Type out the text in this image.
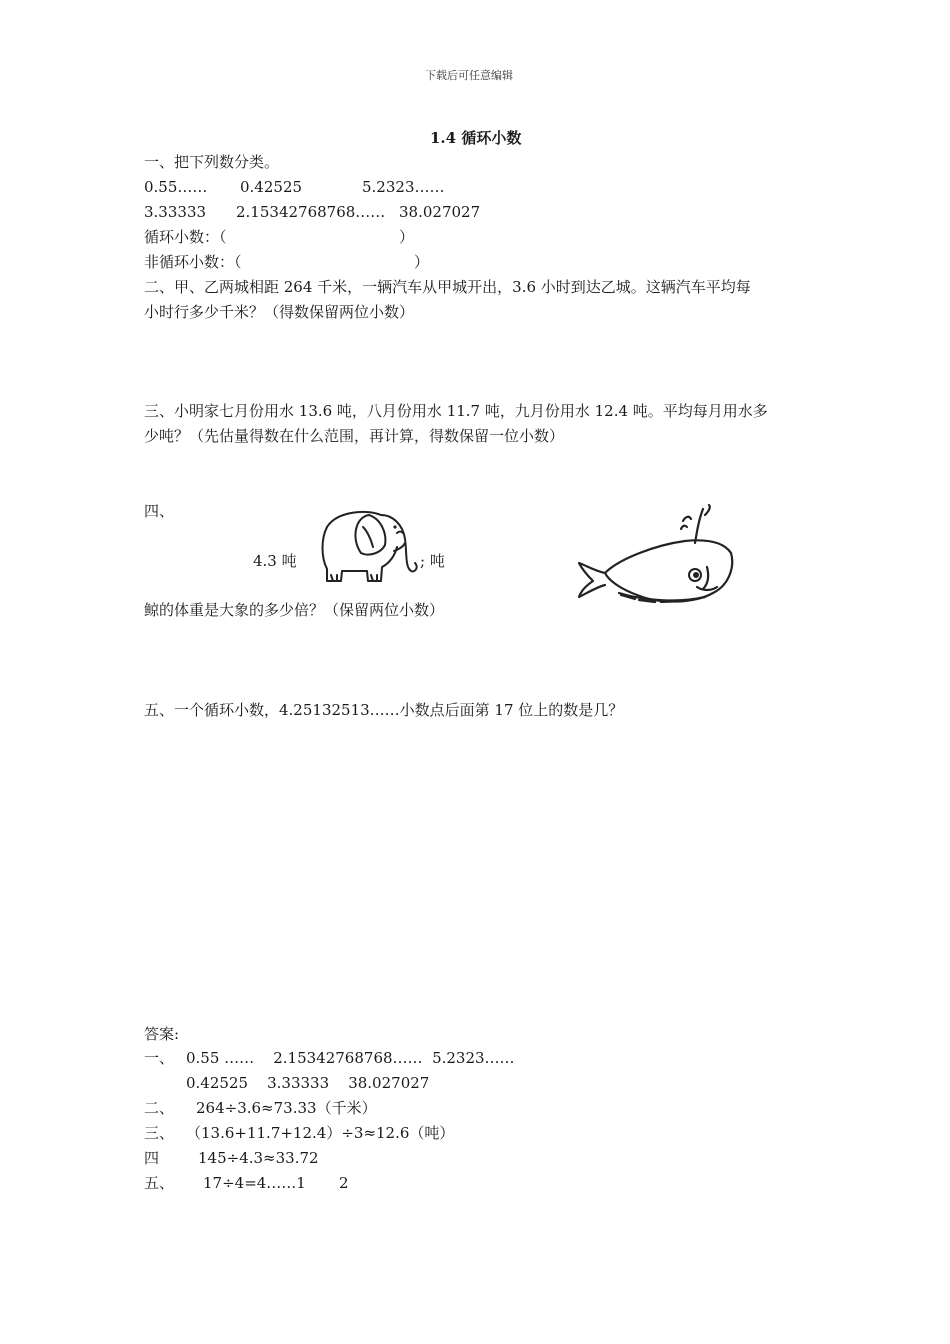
下载后可任意编辑
1.4 循环小数
一、把下列数分类。
0.55…… 0.42525	5.2323……
3.33333 2.15342768768…… 38.027027
循环小数：（	）
非循环小数：（	）
二、甲、乙两城相距 264 千米，一辆汽车从甲城开出，3.6 小时到达乙城。这辆汽车平均每
小时行多少千米？（得数保留两位小数）
三、小明家七月份用水 13.6 吨，八月份用水 11.7 吨，九月份用水 12.4 吨。平均每月用水多
少吨？（先估量得数在什么范围，再计算，得数保留一位小数）
四、
4.3 吨	; 吨
鲸的体重是大象的多少倍？（保留两位小数）
五、一个循环小数，4.25132513……小数点后面第 17 位上的数是几？
答案:
一、 0.55 ……    2.15342768768……  5.2323……
0.42525    3.33333    38.027027
二、 264÷3.6≈73.33（千米）
三、 （13.6+11.7+12.4）÷3≈12.6（吨）
四	145÷4.3≈33.72
五、 17÷4=4……1 2
